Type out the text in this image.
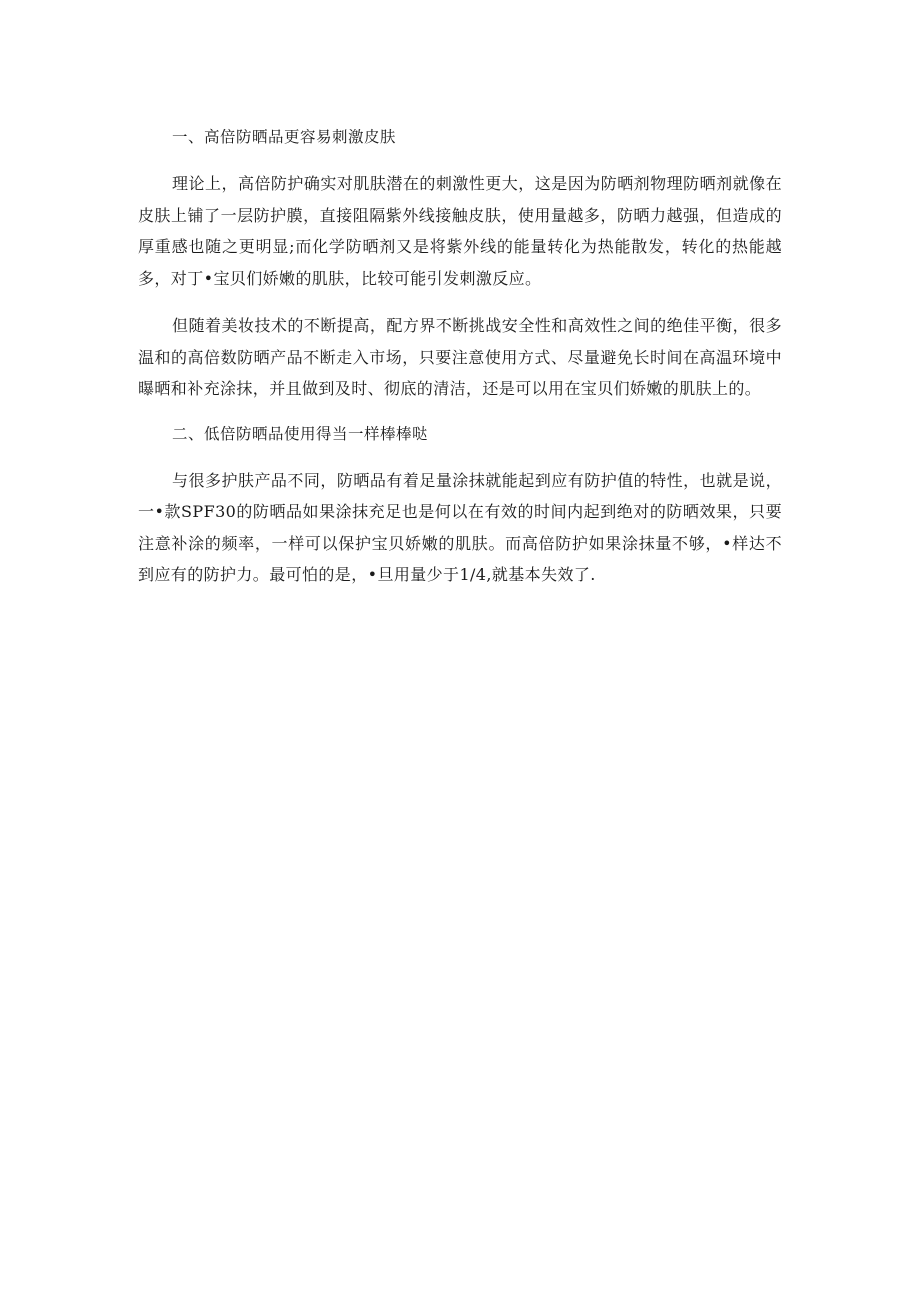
一、高倍防晒品更容易刺激皮肤

理论上，高倍防护确实对肌肤潜在的刺激性更大，这是因为防晒剂物理防晒剂就像在皮肤上铺了一层防护膜，直接阻隔紫外线接触皮肤，使用量越多，防晒力越强，但造成的厚重感也随之更明显;而化学防晒剂又是将紫外线的能量转化为热能散发，转化的热能越多，对丁•宝贝们娇嫩的肌肤，比较可能引发刺激反应。

但随着美妆技术的不断提高，配方界不断挑战安全性和高效性之间的绝佳平衡，很多温和的高倍数防晒产品不断走入市场，只要注意使用方式、尽量避免长时间在高温环境中曝晒和补充涂抹，并且做到及时、彻底的清洁，还是可以用在宝贝们娇嫩的肌肤上的。

二、低倍防晒品使用得当一样棒棒哒

与很多护肤产品不同，防晒品有着足量涂抹就能起到应有防护值的特性，也就是说，一•款SPF30的防晒品如果涂抹充足也是何以在有效的时间内起到绝对的防晒效果，只要注意补涂的频率，一样可以保护宝贝娇嫩的肌肤。而高倍防护如果涂抹量不够，•样达不到应有的防护力。最可怕的是，•旦用量少于1/4,就基本失效了.
